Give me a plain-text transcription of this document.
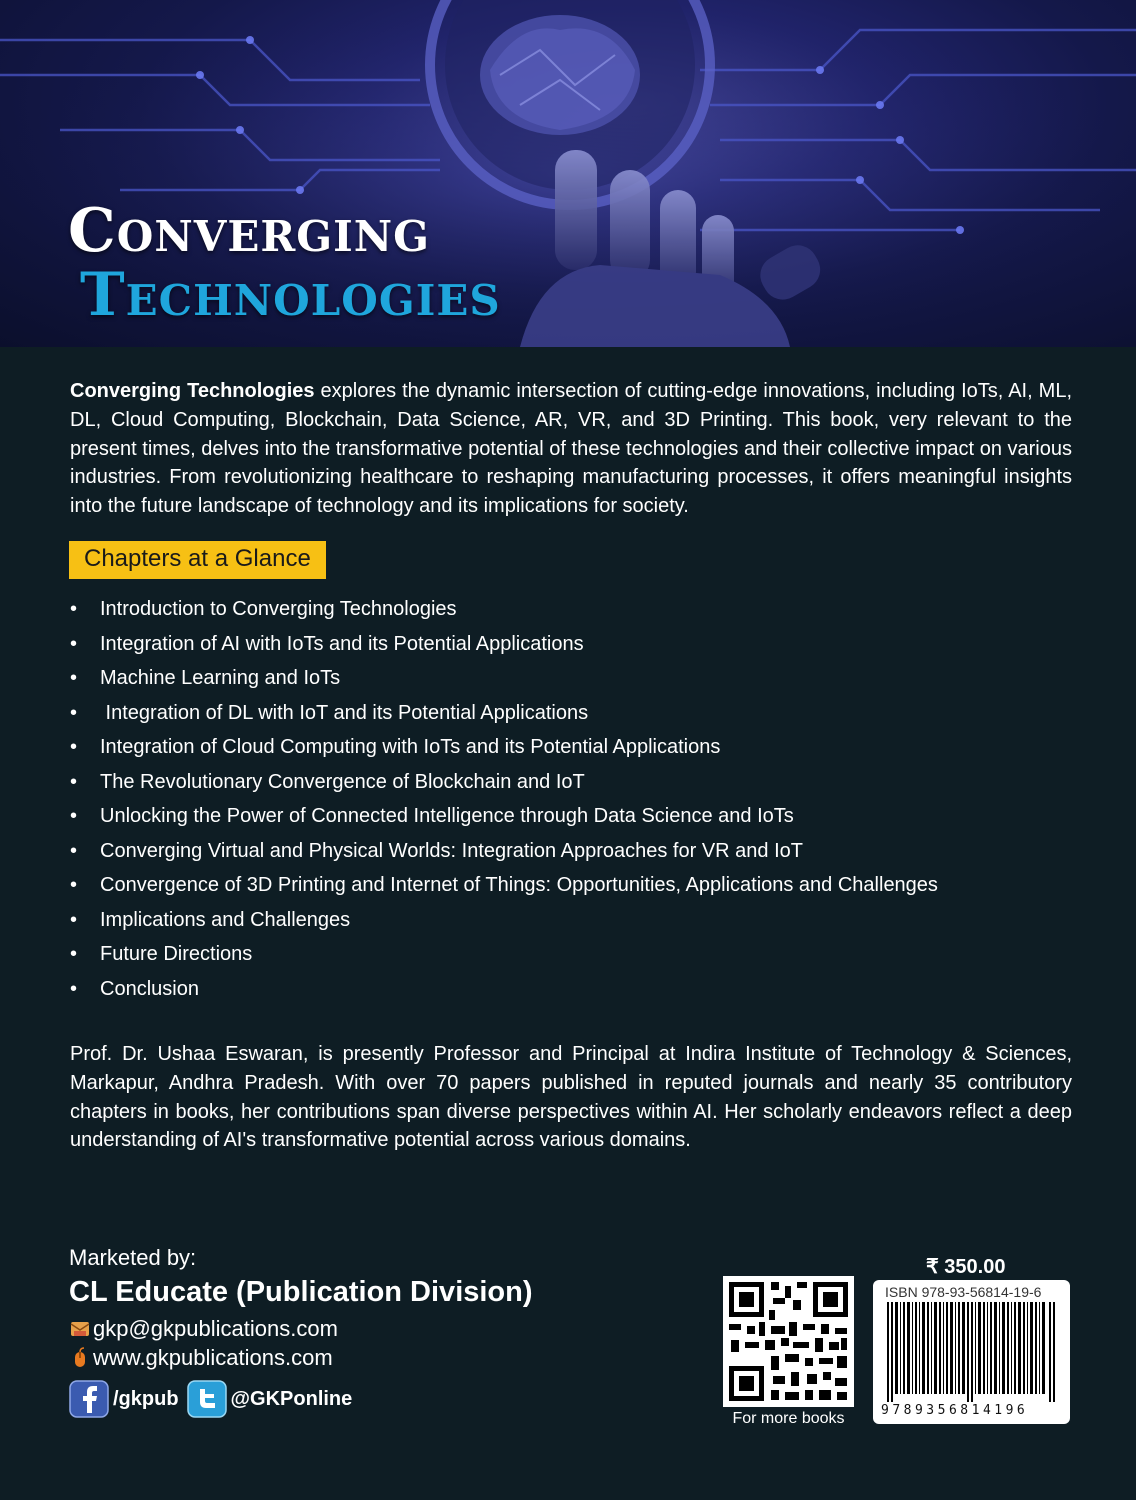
Converging
Technologies
Converging Technologies explores the dynamic intersection of cutting-edge innovations, including IoTs, AI, ML, DL, Cloud Computing, Blockchain, Data Science, AR, VR, and 3D Printing. This book, very relevant to the present times, delves into the transformative potential of these technologies and their collective impact on various industries. From revolutionizing healthcare to reshaping manufacturing processes, it offers meaningful insights into the future landscape of technology and its implications for society.
Chapters at a Glance
• Introduction to Converging Technologies
• Integration of AI with IoTs and its Potential Applications
• Machine Learning and IoTs
• Integration of DL with IoT and its Potential Applications
• Integration of Cloud Computing with IoTs and its Potential Applications
• The Revolutionary Convergence of Blockchain and IoT
• Unlocking the Power of Connected Intelligence through Data Science and IoTs
• Converging Virtual and Physical Worlds: Integration Approaches for VR and IoT
• Convergence of 3D Printing and Internet of Things: Opportunities, Applications and Challenges
• Implications and Challenges
• Future Directions
• Conclusion
Prof. Dr. Ushaa Eswaran, is presently Professor and Principal at Indira Institute of Technology & Sciences, Markapur, Andhra Pradesh. With over 70 papers published in reputed journals and nearly 35 contributory chapters in books, her contributions span diverse perspectives within AI. Her scholarly endeavors reflect a deep understanding of AI's transformative potential across various domains.
Marketed by:
CL Educate (Publication Division)
gkp@gkpublications.com
www.gkpublications.com
/gkpub	@GKPonline
For more books
₹ 350.00
ISBN 978-93-56814-19-6
9789356814196
